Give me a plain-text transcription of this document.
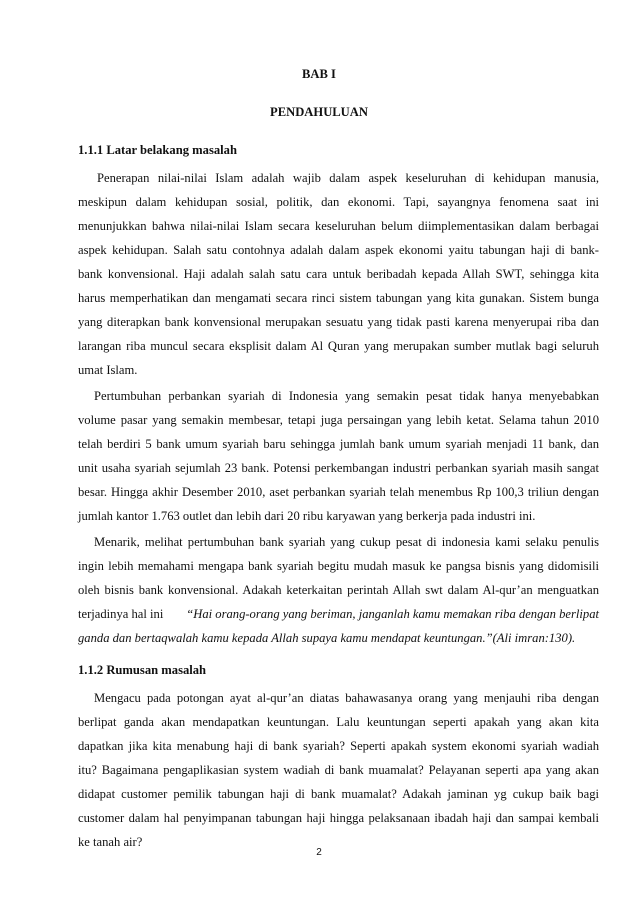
BAB I
PENDAHULUAN
1.1.1 Latar belakang masalah
Penerapan nilai-nilai Islam adalah wajib dalam aspek keseluruhan di kehidupan manusia,
meskipun dalam kehidupan sosial, politik, dan ekonomi. Tapi, sayangnya fenomena saat ini
menunjukkan bahwa nilai-nilai Islam secara keseluruhan belum diimplementasikan dalam berbagai
aspek kehidupan. Salah satu contohnya adalah dalam aspek ekonomi yaitu tabungan haji di bank-
bank konvensional. Haji adalah salah satu cara untuk beribadah kepada Allah SWT, sehingga kita
harus memperhatikan dan mengamati secara rinci sistem tabungan yang kita gunakan. Sistem bunga
yang diterapkan bank konvensional merupakan sesuatu yang tidak pasti karena menyerupai riba dan
larangan riba muncul secara eksplisit dalam Al Quran yang merupakan sumber mutlak bagi seluruh
umat Islam.
Pertumbuhan perbankan syariah di Indonesia yang semakin pesat tidak hanya menyebabkan
volume pasar yang semakin membesar, tetapi juga persaingan yang lebih ketat. Selama tahun 2010
telah berdiri 5 bank umum syariah baru sehingga jumlah bank umum syariah menjadi 11 bank, dan
unit usaha syariah sejumlah 23 bank. Potensi perkembangan industri perbankan syariah masih sangat
besar. Hingga akhir Desember 2010, aset perbankan syariah telah menembus Rp 100,3 triliun dengan
jumlah kantor 1.763 outlet dan lebih dari 20 ribu karyawan yang berkerja pada industri ini.
Menarik, melihat pertumbuhan bank syariah yang cukup pesat di indonesia kami selaku penulis
ingin lebih memahami mengapa bank syariah begitu mudah masuk ke pangsa bisnis yang didomisili
oleh bisnis bank konvensional. Adakah keterkaitan perintah Allah swt dalam Al-qur’an menguatkan
terjadinya hal ini “Hai orang-orang yang beriman, janganlah kamu memakan riba dengan berlipat
ganda dan bertaqwalah kamu kepada Allah supaya kamu mendapat keuntungan.”(Ali imran:130).
1.1.2 Rumusan masalah
Mengacu pada potongan ayat al-qur’an diatas bahawasanya orang yang menjauhi riba dengan
berlipat ganda akan mendapatkan keuntungan. Lalu keuntungan seperti apakah yang akan kita
dapatkan jika kita menabung haji di bank syariah? Seperti apakah system ekonomi syariah wadiah
itu? Bagaimana pengaplikasian system wadiah di bank muamalat? Pelayanan seperti apa yang akan
didapat customer pemilik tabungan haji di bank muamalat? Adakah jaminan yg cukup baik bagi
customer dalam hal penyimpanan tabungan haji hingga pelaksanaan ibadah haji dan sampai kembali
ke tanah air?
2
